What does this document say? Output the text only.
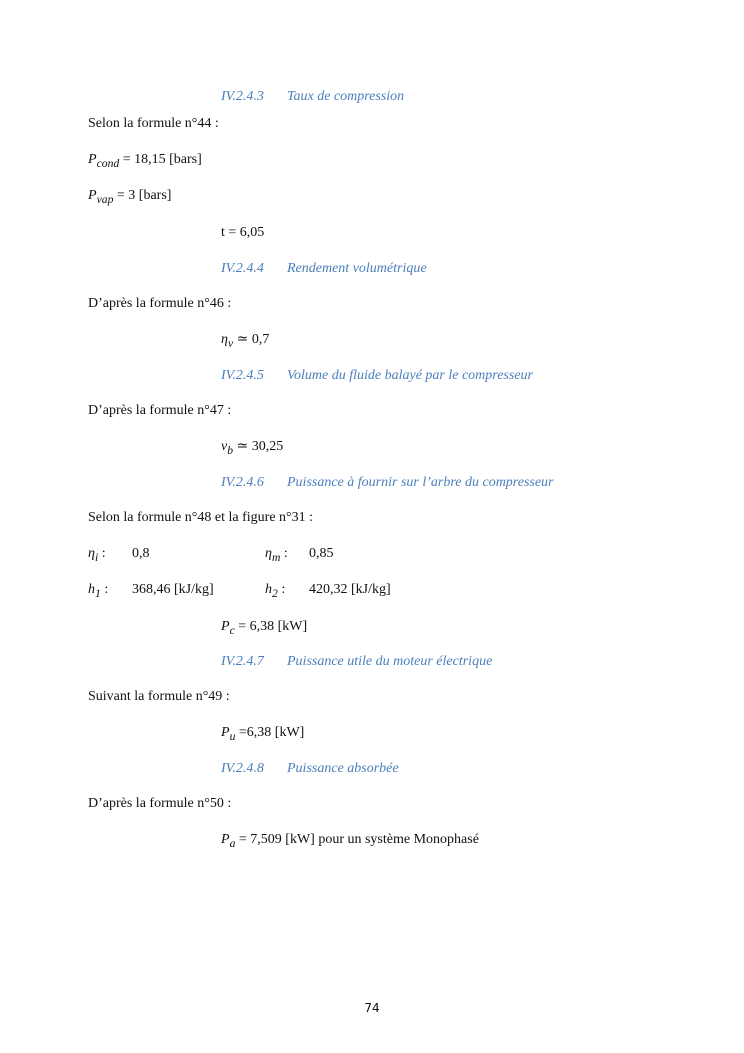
IV.2.4.3 Taux de compression
Selon la formule n°44 :
$P_{cond} = 18,15$ [bars]
$P_{vap} = 3$ [bars]
t = 6,05
IV.2.4.4 Rendement volumétrique
D’après la formule n°46 :
$\eta_v$ ≃ 0,7
IV.2.4.5 Volume du fluide balayé par le compresseur
D’après la formule n°47 :
$v_b$ ≃ 30,25
IV.2.4.6 Puissance à fournir sur l’arbre du compresseur
Selon la formule n°48 et la figure n°31 :
$\eta_i$ : 0,8	$\eta_m$ : 0,85
$h_1$ : 368,46 [kJ/kg]	$h_2$ : 420,32 [kJ/kg]
$P_c = 6,38$ [kW]
IV.2.4.7 Puissance utile du moteur électrique
Suivant la formule n°49 :
$P_u =6,38$ [kW]
IV.2.4.8 Puissance absorbée
D’après la formule n°50 :
$P_a = 7,509$ [kW] pour un système Monophasé
74
